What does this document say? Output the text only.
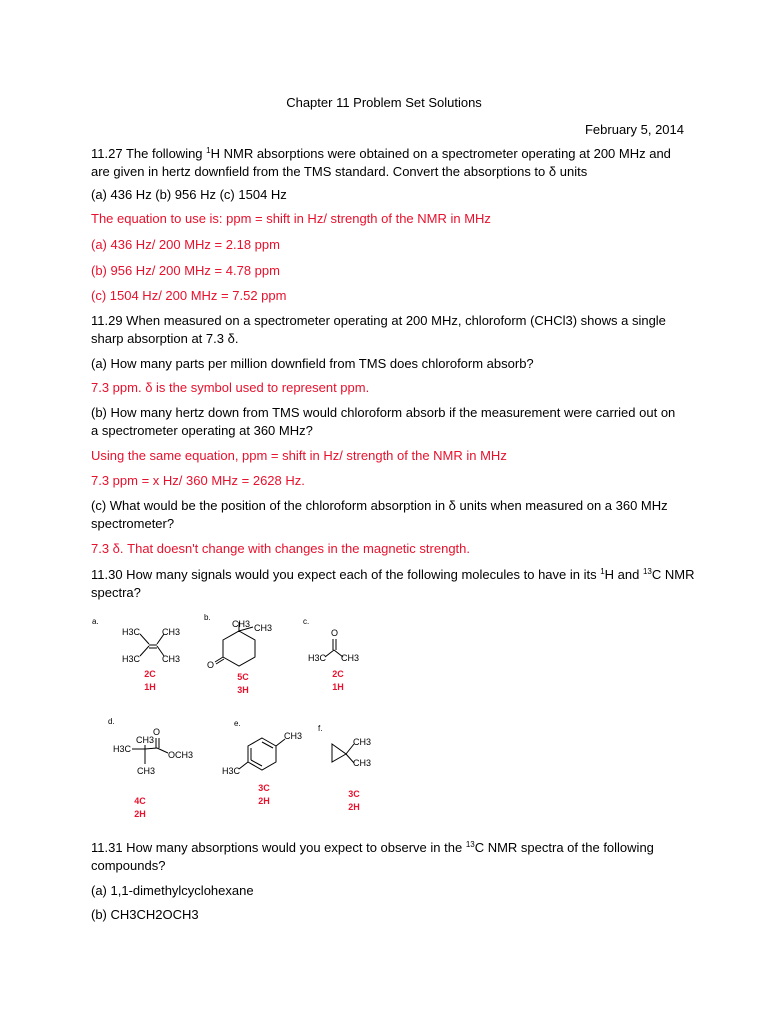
Chapter 11 Problem Set Solutions
February 5, 2014
11.27 The following $^1$H NMR absorptions were obtained on a spectrometer operating at 200 MHz and
are given in hertz downfield from the TMS standard. Convert the absorptions to δ units
(a) 436 Hz (b) 956 Hz (c) 1504 Hz
The equation to use is: ppm = shift in Hz/ strength of the NMR in MHz
(a) 436 Hz/ 200 MHz = 2.18 ppm
(b) 956 Hz/ 200 MHz = 4.78 ppm
(c) 1504 Hz/ 200 MHz = 7.52 ppm
11.29 When measured on a spectrometer operating at 200 MHz, chloroform (CHCl3) shows a single
sharp absorption at 7.3 δ.
(a) How many parts per million downfield from TMS does chloroform absorb?
7.3 ppm. δ is the symbol used to represent ppm.
(b) How many hertz down from TMS would chloroform absorb if the measurement were carried out on
a spectrometer operating at 360 MHz?
Using the same equation, ppm = shift in Hz/ strength of the NMR in MHz
7.3 ppm = x Hz/ 360 MHz = 2628 Hz.
(c) What would be the position of the chloroform absorption in δ units when measured on a 360 MHz
spectrometer?
7.3 δ. That doesn't change with changes in the magnetic strength.
11.30 How many signals would you expect each of the following molecules to have in its $^1$H and $^{13}$C NMR
spectra?
a.	b.	c.
d.	e.
f.
H3C CH3
H3C CH3
2C
1H
CH3 CH3
O
5C
3H
O
H3C CH3
2C
1H
CH3
H3C
O
OCH3
CH3
4C
2H
CH3
H3C
3C
2H
CH3
CH3
3C
2H
11.31 How many absorptions would you expect to observe in the $^{13}$C NMR spectra of the following
compounds?
(a) 1,1-dimethylcyclohexane
(b) CH3CH2OCH3
